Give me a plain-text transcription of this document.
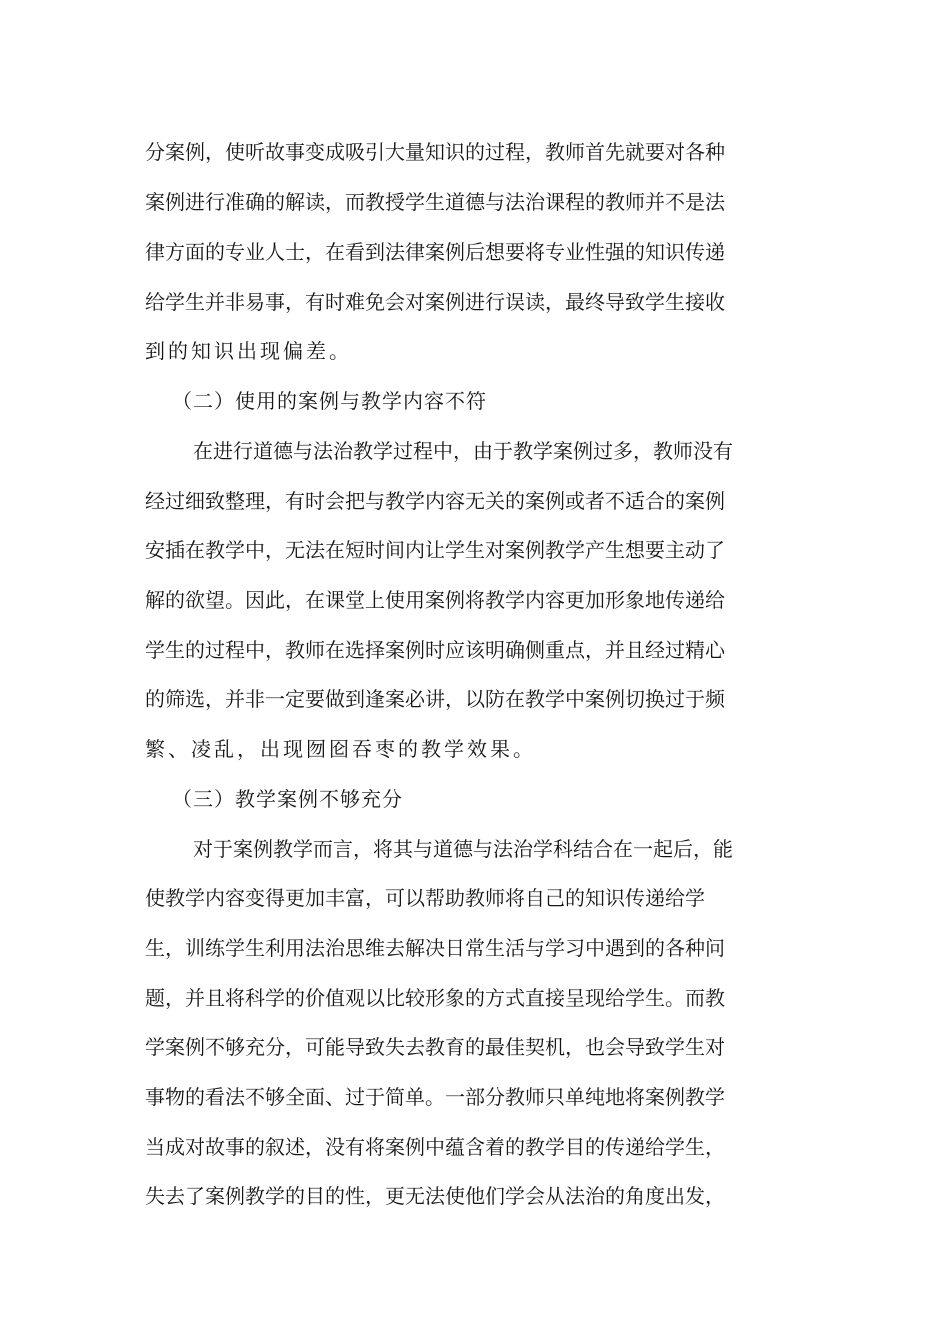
分案例，使听故事变成吸引大量知识的过程，教师首先就要对各种
案例进行准确的解读，而教授学生道德与法治课程的教师并不是法
律方面的专业人士，在看到法律案例后想要将专业性强的知识传递
给学生并非易事，有时难免会对案例进行误读，最终导致学生接收
到的知识出现偏差。
（二）使用的案例与教学内容不符
在进行道德与法治教学过程中，由于教学案例过多，教师没有
经过细致整理，有时会把与教学内容无关的案例或者不适合的案例
安插在教学中，无法在短时间内让学生对案例教学产生想要主动了
解的欲望。因此，在课堂上使用案例将教学内容更加形象地传递给
学生的过程中，教师在选择案例时应该明确侧重点，并且经过精心
的筛选，并非一定要做到逢案必讲，以防在教学中案例切换过于频
繁、凌乱，出现囫囵吞枣的教学效果。
（三）教学案例不够充分
对于案例教学而言，将其与道德与法治学科结合在一起后，能
使教学内容变得更加丰富，可以帮助教师将自己的知识传递给学
生，训练学生利用法治思维去解决日常生活与学习中遇到的各种问
题，并且将科学的价值观以比较形象的方式直接呈现给学生。而教
学案例不够充分，可能导致失去教育的最佳契机，也会导致学生对
事物的看法不够全面、过于简单。一部分教师只单纯地将案例教学
当成对故事的叙述，没有将案例中蕴含着的教学目的传递给学生，
失去了案例教学的目的性，更无法使他们学会从法治的角度出发，
